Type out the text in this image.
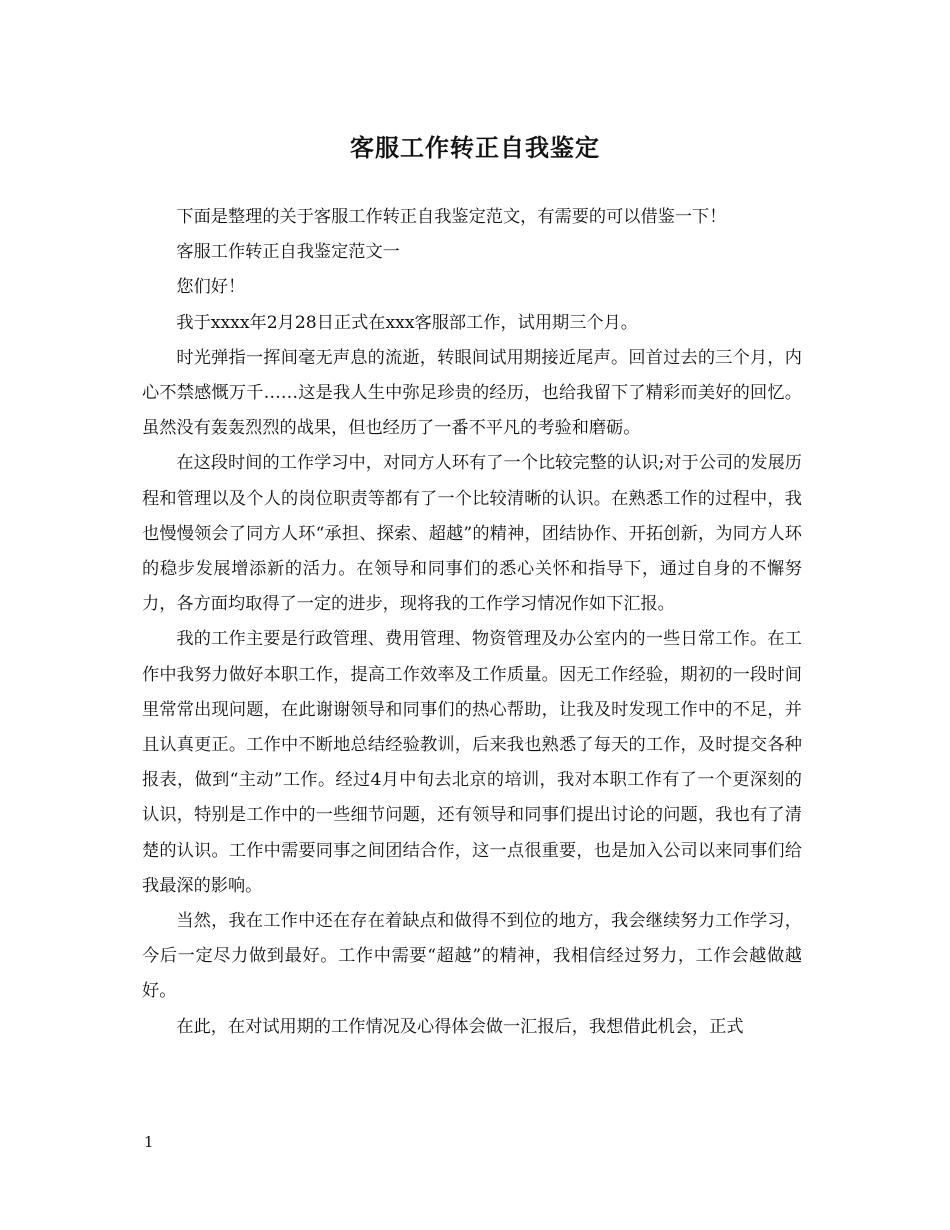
客服工作转正自我鉴定

下面是整理的关于客服工作转正自我鉴定范文，有需要的可以借鉴一下！

客服工作转正自我鉴定范文一

您们好！

我于xxxx年2月28日正式在xxx客服部工作，试用期三个月。

时光弹指一挥间毫无声息的流逝，转眼间试用期接近尾声。回首过去的三个月，内心不禁感慨万千……这是我人生中弥足珍贵的经历，也给我留下了精彩而美好的回忆。虽然没有轰轰烈烈的战果，但也经历了一番不平凡的考验和磨砺。

在这段时间的工作学习中，对同方人环有了一个比较完整的认识;对于公司的发展历程和管理以及个人的岗位职责等都有了一个比较清晰的认识。在熟悉工作的过程中，我也慢慢领会了同方人环“承担、探索、超越”的精神，团结协作、开拓创新，为同方人环的稳步发展增添新的活力。在领导和同事们的悉心关怀和指导下，通过自身的不懈努力，各方面均取得了一定的进步，现将我的工作学习情况作如下汇报。

我的工作主要是行政管理、费用管理、物资管理及办公室内的一些日常工作。在工作中我努力做好本职工作，提高工作效率及工作质量。因无工作经验，期初的一段时间里常常出现问题，在此谢谢领导和同事们的热心帮助，让我及时发现工作中的不足，并且认真更正。工作中不断地总结经验教训，后来我也熟悉了每天的工作，及时提交各种报表，做到“主动”工作。经过4月中旬去北京的培训，我对本职工作有了一个更深刻的认识，特别是工作中的一些细节问题，还有领导和同事们提出讨论的问题，我也有了清楚的认识。工作中需要同事之间团结合作，这一点很重要，也是加入公司以来同事们给我最深的影响。

当然，我在工作中还在存在着缺点和做得不到位的地方，我会继续努力工作学习，今后一定尽力做到最好。工作中需要“超越”的精神，我相信经过努力，工作会越做越好。

在此，在对试用期的工作情况及心得体会做一汇报后，我想借此机会，正式

1
